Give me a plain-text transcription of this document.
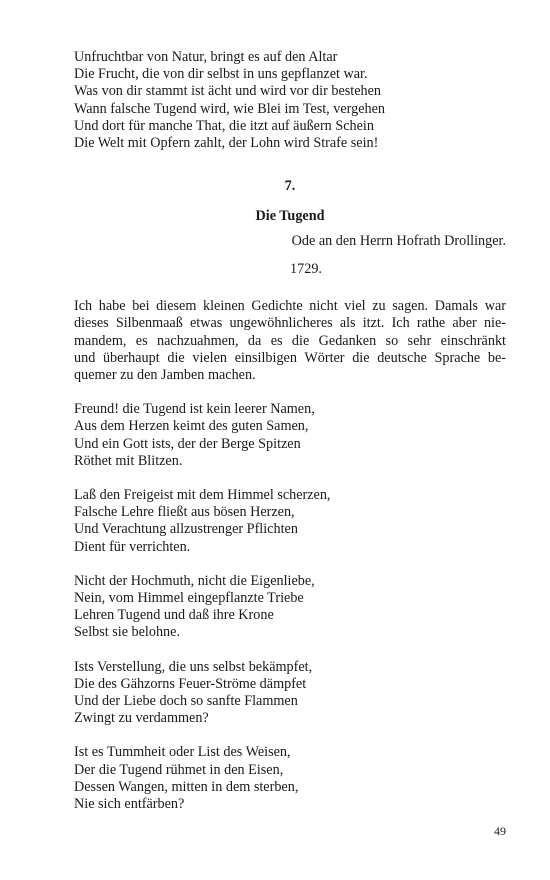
Unfruchtbar von Natur, bringt es auf den Altar
Die Frucht, die von dir selbst in uns gepflanzet war.
Was von dir stammt ist ächt und wird vor dir bestehen
Wann falsche Tugend wird, wie Blei im Test, vergehen
Und dort für manche That, die itzt auf äußern Schein
Die Welt mit Opfern zahlt, der Lohn wird Strafe sein!
7.
Die Tugend
Ode an den Herrn Hofrath Drollinger.
1729.
Ich habe bei diesem kleinen Gedichte nicht viel zu sagen. Damals war
dieses Silbenmaaß etwas ungewöhnlicheres als itzt. Ich rathe aber nie-
mandem, es nachzuahmen, da es die Gedanken so sehr einschränkt
und überhaupt die vielen einsilbigen Wörter die deutsche Sprache be-
quemer zu den Jamben machen.
Freund! die Tugend ist kein leerer Namen,
Aus dem Herzen keimt des guten Samen,
Und ein Gott ists, der der Berge Spitzen
Röthet mit Blitzen.
Laß den Freigeist mit dem Himmel scherzen,
Falsche Lehre fließt aus bösen Herzen,
Und Verachtung allzustrenger Pflichten
Dient für verrichten.
Nicht der Hochmuth, nicht die Eigenliebe,
Nein, vom Himmel eingepflanzte Triebe
Lehren Tugend und daß ihre Krone
Selbst sie belohne.
Ists Verstellung, die uns selbst bekämpfet,
Die des Gähzorns Feuer-Ströme dämpfet
Und der Liebe doch so sanfte Flammen
Zwingt zu verdammen?
Ist es Tummheit oder List des Weisen,
Der die Tugend rühmet in den Eisen,
Dessen Wangen, mitten in dem sterben,
Nie sich entfärben?
49
